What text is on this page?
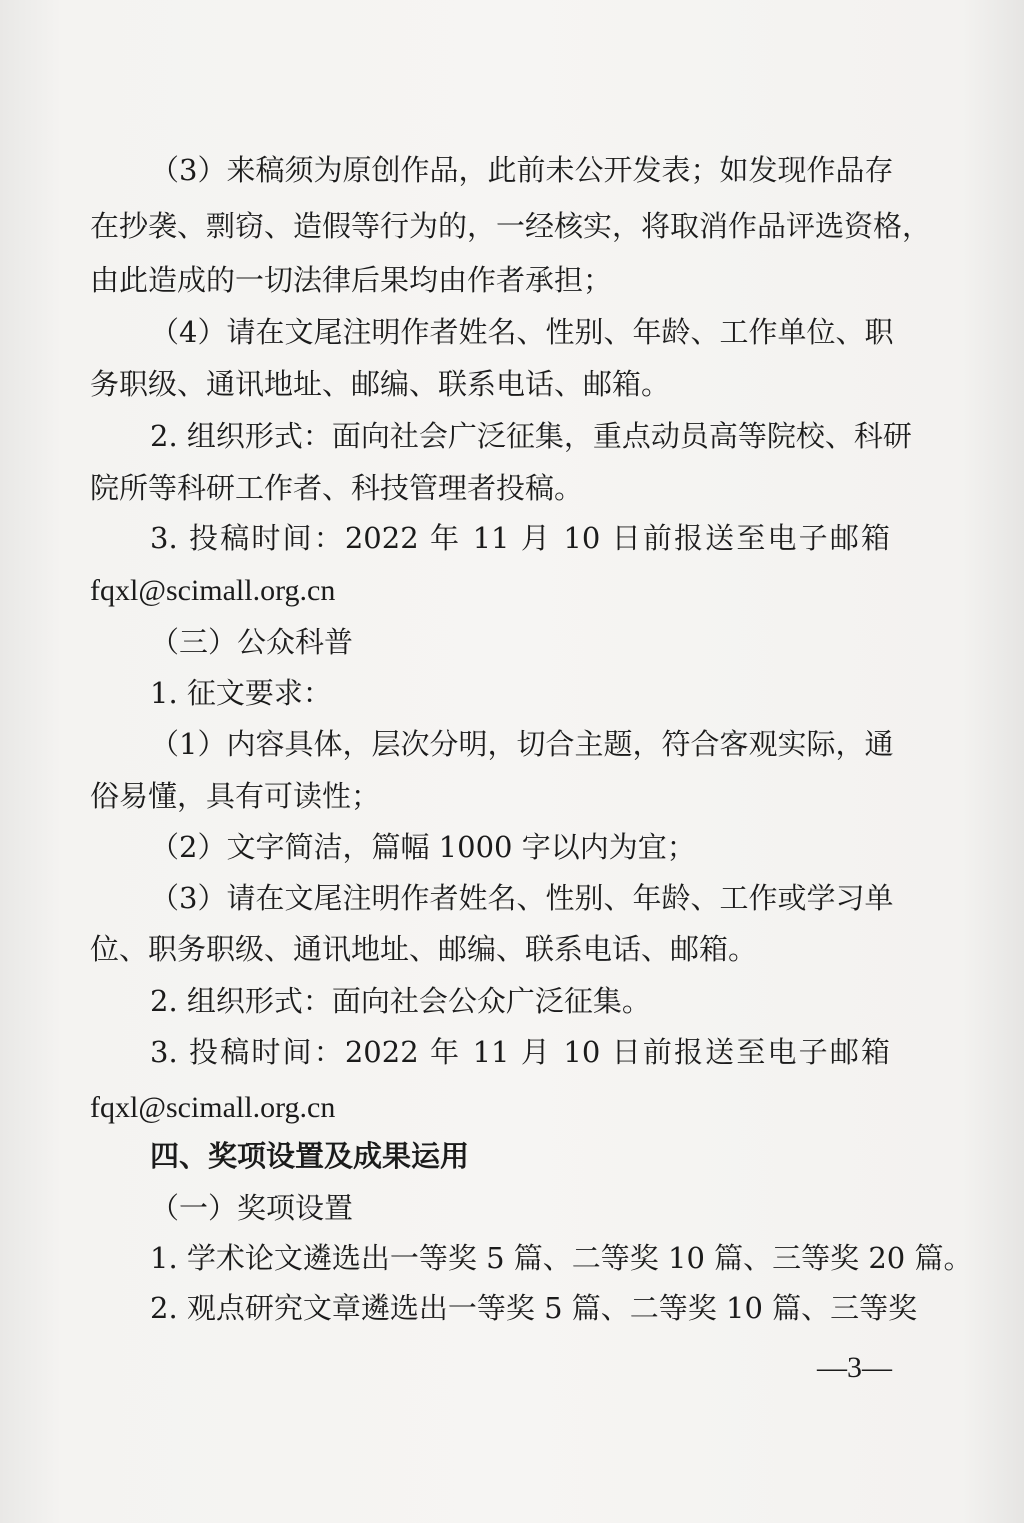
（3）来稿须为原创作品，此前未公开发表；如发现作品存
在抄袭、剽窃、造假等行为的，一经核实，将取消作品评选资格，
由此造成的一切法律后果均由作者承担；
（4）请在文尾注明作者姓名、性别、年龄、工作单位、职
务职级、通讯地址、邮编、联系电话、邮箱。
2. 组织形式：面向社会广泛征集，重点动员高等院校、科研
院所等科研工作者、科技管理者投稿。
3. 投稿时间：2022 年 11 月 10 日前报送至电子邮箱
fqxl@scimall.org.cn
（三）公众科普
1. 征文要求：
（1）内容具体，层次分明，切合主题，符合客观实际，通
俗易懂，具有可读性；
（2）文字简洁，篇幅 1000 字以内为宜；
（3）请在文尾注明作者姓名、性别、年龄、工作或学习单
位、职务职级、通讯地址、邮编、联系电话、邮箱。
2. 组织形式：面向社会公众广泛征集。
3. 投稿时间：2022 年 11 月 10 日前报送至电子邮箱
fqxl@scimall.org.cn
四、奖项设置及成果运用
（一）奖项设置
1. 学术论文遴选出一等奖 5 篇、二等奖 10 篇、三等奖 20 篇。
2. 观点研究文章遴选出一等奖 5 篇、二等奖 10 篇、三等奖
—3—
